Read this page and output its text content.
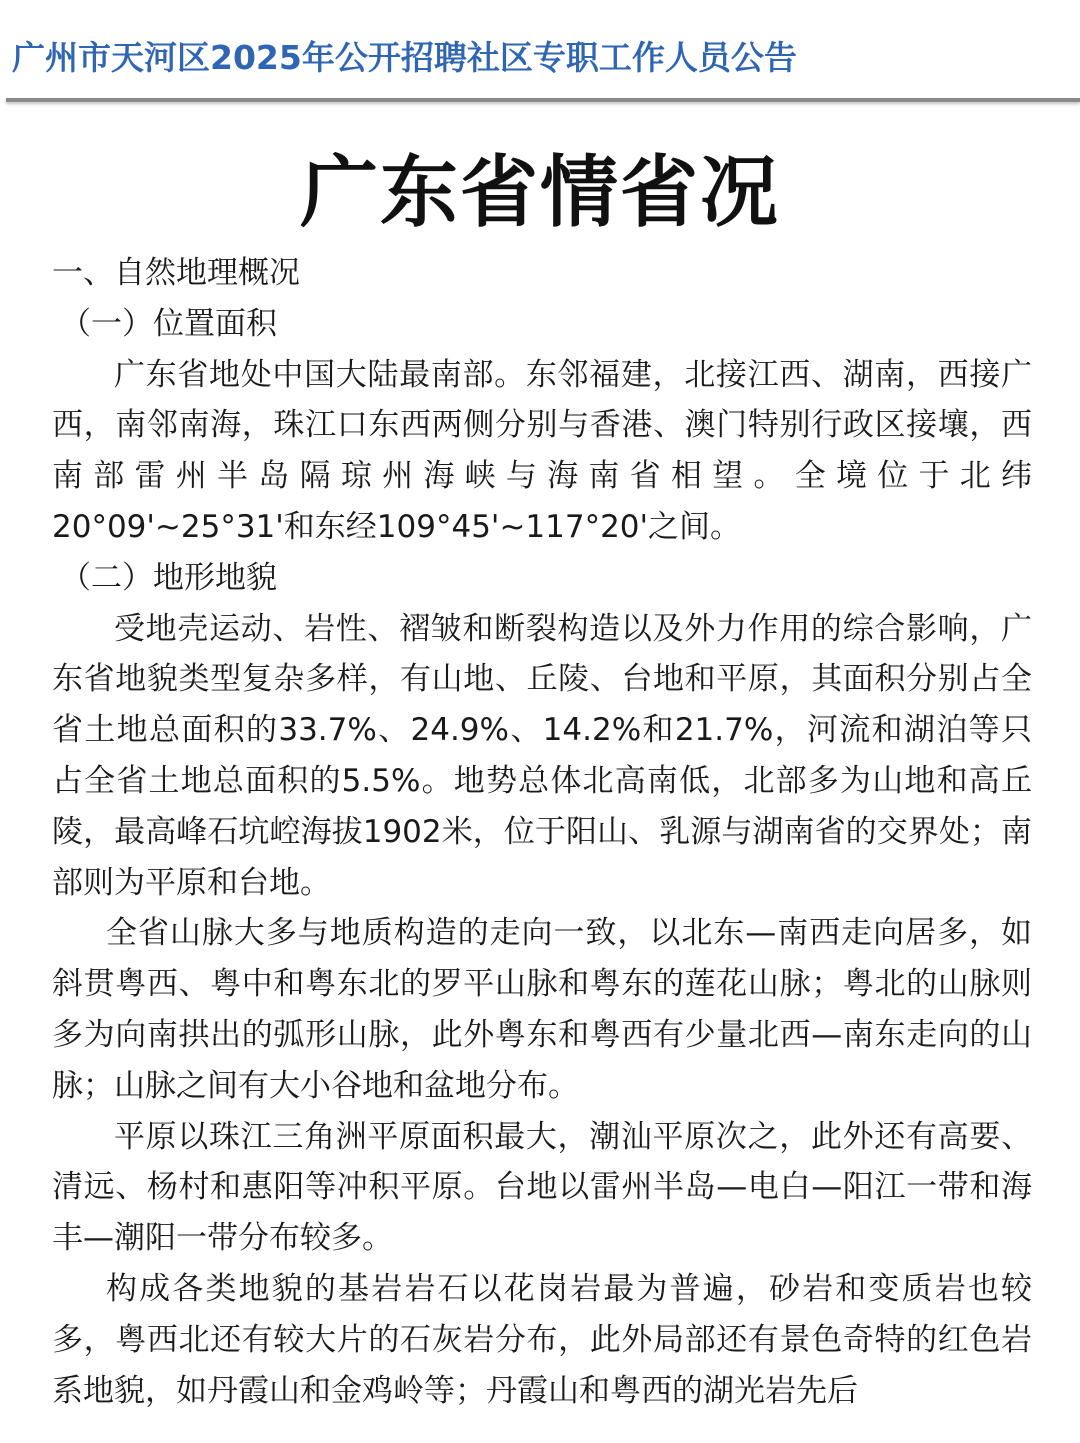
广州市天河区2025年公开招聘社区专职工作人员公告
广东省情省况

一、自然地理概况

（一）位置面积

广东省地处中国大陆最南部。东邻福建，北接江西、湖南，西接广西，南邻南海，珠江口东西两侧分别与香港、澳门特别行政区接壤，西南部雷州半岛隔琼州海峡与海南省相望。全境位于北纬20°09'~25°31'和东经109°45'~117°20'之间。

（二）地形地貌

受地壳运动、岩性、褶皱和断裂构造以及外力作用的综合影响，广东省地貌类型复杂多样，有山地、丘陵、台地和平原，其面积分别占全省土地总面积的33.7%、24.9%、14.2%和21.7%，河流和湖泊等只占全省土地总面积的5.5%。地势总体北高南低，北部多为山地和高丘陵，最高峰石坑崆海拔1902米，位于阳山、乳源与湖南省的交界处；南部则为平原和台地。

全省山脉大多与地质构造的走向一致，以北东—南西走向居多，如斜贯粤西、粤中和粤东北的罗平山脉和粤东的莲花山脉；粤北的山脉则多为向南拱出的弧形山脉，此外粤东和粤西有少量北西—南东走向的山脉；山脉之间有大小谷地和盆地分布。

平原以珠江三角洲平原面积最大，潮汕平原次之，此外还有高要、清远、杨村和惠阳等冲积平原。台地以雷州半岛—电白—阳江一带和海丰—潮阳一带分布较多。

构成各类地貌的基岩岩石以花岗岩最为普遍，砂岩和变质岩也较多，粤西北还有较大片的石灰岩分布，此外局部还有景色奇特的红色岩系地貌，如丹霞山和金鸡岭等；丹霞山和粤西的湖光岩先后
